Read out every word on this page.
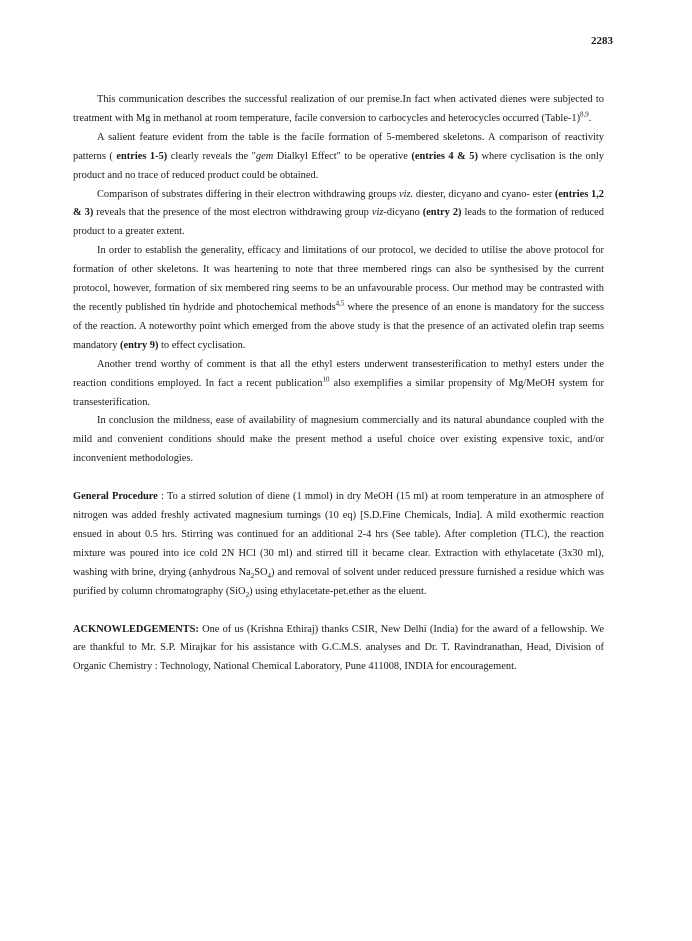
2283

This communication describes the successful realization of our premise.In fact when activated dienes were subjected to treatment with Mg in methanol at room temperature, facile conversion to carbocycles and heterocycles occurred (Table-1)$^{8,9}$.

A salient feature evident from the table is the facile formation of 5-membered skeletons. A comparison of reactivity patterns ( entries 1-5) clearly reveals the "gem Dialkyl Effect" to be operative (entries 4 & 5) where cyclisation is the only product and no trace of reduced product could be obtained.

Comparison of substrates differing in their electron withdrawing groups viz. diester, dicyano and cyano- ester (entries 1,2 & 3) reveals that the presence of the most electron withdrawing group viz-dicyano (entry 2) leads to the formation of reduced product to a greater extent.

In order to establish the generality, efficacy and limitations of our protocol, we decided to utilise the above protocol for formation of other skeletons. It was heartening to note that three membered rings can also be synthesised by the current protocol, however, formation of six membered ring seems to be an unfavourable process. Our method may be contrasted with the recently published tin hydride and photochemical methods$^{4,5}$ where the presence of an enone is mandatory for the success of the reaction. A noteworthy point which emerged from the above study is that the presence of an activated olefin trap seems mandatory (entry 9) to effect cyclisation.

Another trend worthy of comment is that all the ethyl esters underwent transesterification to methyl esters under the reaction conditions employed. In fact a recent publication$^{10}$ also exemplifies a similar propensity of Mg/MeOH system for transesterification.

In conclusion the mildness, ease of availability of magnesium commercially and its natural abundance coupled with the mild and convenient conditions should make the present method a useful choice over existing expensive toxic, and/or inconvenient methodologies.

General Procedure : To a stirred solution of diene (1 mmol) in dry MeOH (15 ml) at room temperature in an atmosphere of nitrogen was added freshly activated magnesium turnings (10 eq) [S.D.Fine Chemicals, India]. A mild exothermic reaction ensued in about 0.5 hrs. Stirring was continued for an additional 2-4 hrs (See table). After completion (TLC), the reaction mixture was poured into ice cold 2N HCl (30 ml) and stirred till it became clear. Extraction with ethylacetate (3x30 ml), washing with brine, drying (anhydrous $Na_2SO_4$) and removal of solvent under reduced pressure furnished a residue which was purified by column chromatography (SiO$_2$) using ethylacetate-pet.ether as the eluent.

ACKNOWLEDGEMENTS: One of us (Krishna Ethiraj) thanks CSIR, New Delhi (India) for the award of a fellowship. We are thankful to Mr. S.P. Mirajkar for his assistance with G.C.M.S. analyses and Dr. T. Ravindranathan, Head, Division of Organic Chemistry : Technology, National Chemical Laboratory, Pune 411008, INDIA for encouragement.
